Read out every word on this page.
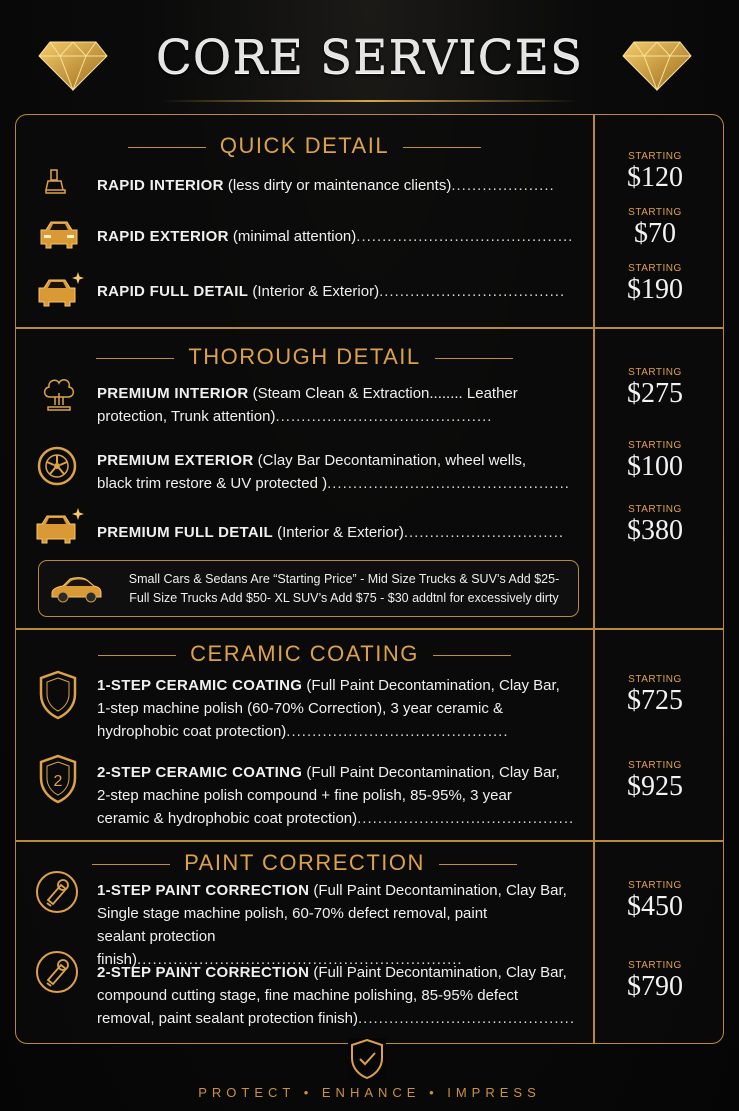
CORE SERVICES
QUICK DETAIL
RAPID INTERIOR (less dirty or maintenance clients)....................
STARTING
$120
RAPID EXTERIOR (minimal attention)..........................................
STARTING
$70
RAPID FULL DETAIL (Interior & Exterior)....................................
STARTING
$190
THOROUGH DETAIL
PREMIUM INTERIOR (Steam Clean & Extraction........ Leather
protection, Trunk attention)..........................................
STARTING
$275
PREMIUM EXTERIOR (Clay Bar Decontamination, wheel wells,
black trim restore & UV protected )...............................................
STARTING
$100
PREMIUM FULL DETAIL (Interior & Exterior)...............................
STARTING
$380
Small Cars & Sedans Are “Starting Price” - Mid Size Trucks & SUV’s Add $25-
Full Size Trucks Add $50- XL SUV’s Add $75 - $30 addtnl for excessively dirty
CERAMIC COATING
1-STEP CERAMIC COATING (Full Paint Decontamination, Clay Bar,
1-step machine polish (60-70% Correction), 3 year ceramic &
hydrophobic coat protection)...........................................
STARTING
$725
2
2-STEP CERAMIC COATING (Full Paint Decontamination, Clay Bar,
2-step machine polish compound + fine polish, 85-95%, 3 year
ceramic & hydrophobic coat protection)..........................................
STARTING
$925
PAINT CORRECTION
1-STEP PAINT CORRECTION (Full Paint Decontamination, Clay Bar,
Single stage machine polish, 60-70% defect removal, paint
sealant protection finish)...............................................................
STARTING
$450
2-STEP PAINT CORRECTION (Full Paint Decontamination, Clay Bar,
compound cutting stage, fine machine polishing, 85-95% defect
removal, paint sealant protection finish)..........................................
STARTING
$790
PROTECT • ENHANCE • IMPRESS
